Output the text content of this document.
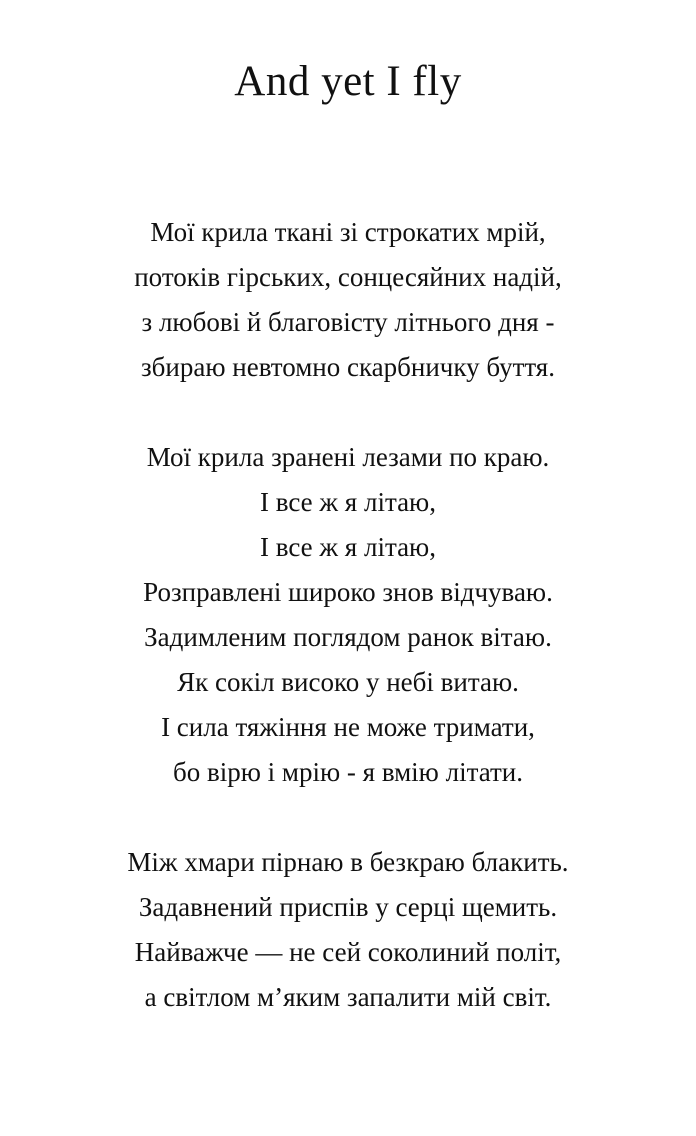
And yet I fly

Мої крила ткані зі строкатих мрій,

потоків гірських, сонцесяйних надій,

з любові й благовісту літнього дня -

збираю невтомно скарбничку буття.

Мої крила зранені лезами по краю.

І все ж я літаю,

І все ж я літаю,

Розправлені широко знов відчуваю.

Задимленим поглядом ранок вітаю.

Як сокіл високо у небі витаю.

І сила тяжіння не може тримати,

бо вірю і мрію - я вмію літати.

Між хмари пірнаю в безкраю блакить.

Задавнений приспів у серці щемить.

Найважче — не сей соколиний політ,

а світлом м’яким запалити мій світ.
